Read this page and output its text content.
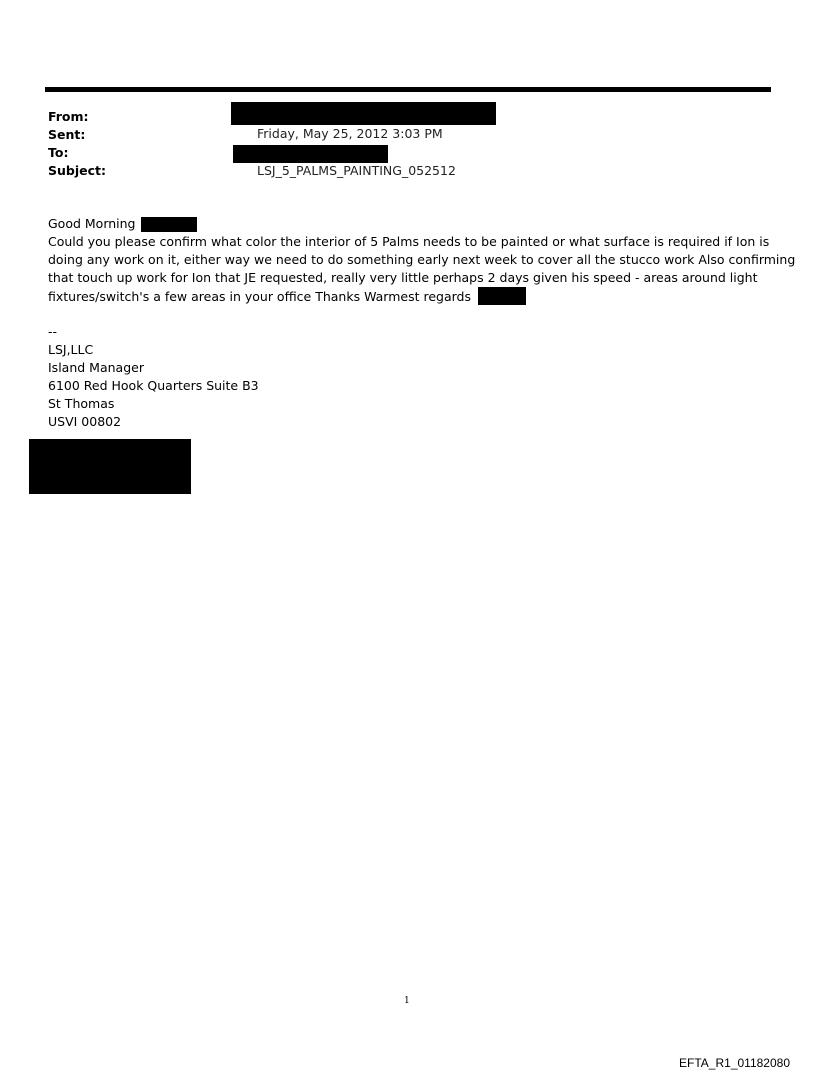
From:
Sent:	Friday, May 25, 2012 3:03 PM
To:
Subject:	LSJ_5_PALMS_PAINTING_052512
Good Morning
Could you please confirm what color the interior of 5 Palms needs to be painted or what surface is required if Ion is
doing any work on it, either way we need to do something early next week to cover all the stucco work Also confirming
that touch up work for Ion that JE requested, really very little perhaps 2 days given his speed - areas around light
fixtures/switch's a few areas in your office Thanks Warmest regards
--
LSJ,LLC
Island Manager
6100 Red Hook Quarters Suite B3
St Thomas
USVI 00802
1
EFTA_R1_01182080
